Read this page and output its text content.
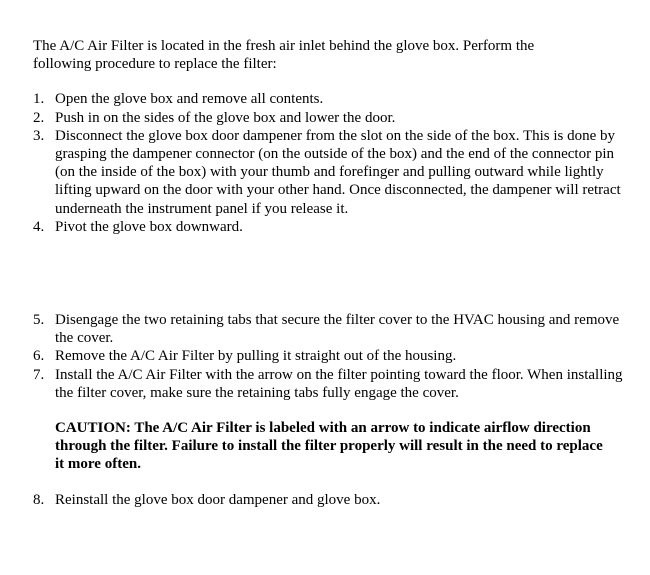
The A/C Air Filter is located in the fresh air inlet behind the glove box. Perform the following procedure to replace the filter:

1. Open the glove box and remove all contents.
2. Push in on the sides of the glove box and lower the door.
3. Disconnect the glove box door dampener from the slot on the side of the box. This is done by grasping the dampener connector (on the outside of the box) and the end of the connector pin (on the inside of the box) with your thumb and forefinger and pulling outward while lightly lifting upward on the door with your other hand. Once disconnected, the dampener will retract underneath the instrument panel if you release it.
4. Pivot the glove box downward.
5. Disengage the two retaining tabs that secure the filter cover to the HVAC housing and remove the cover.
6. Remove the A/C Air Filter by pulling it straight out of the housing.
7. Install the A/C Air Filter with the arrow on the filter pointing toward the floor. When installing the filter cover, make sure the retaining tabs fully engage the cover.

CAUTION: The A/C Air Filter is labeled with an arrow to indicate airflow direction through the filter. Failure to install the filter properly will result in the need to replace it more often.

8. Reinstall the glove box door dampener and glove box.
